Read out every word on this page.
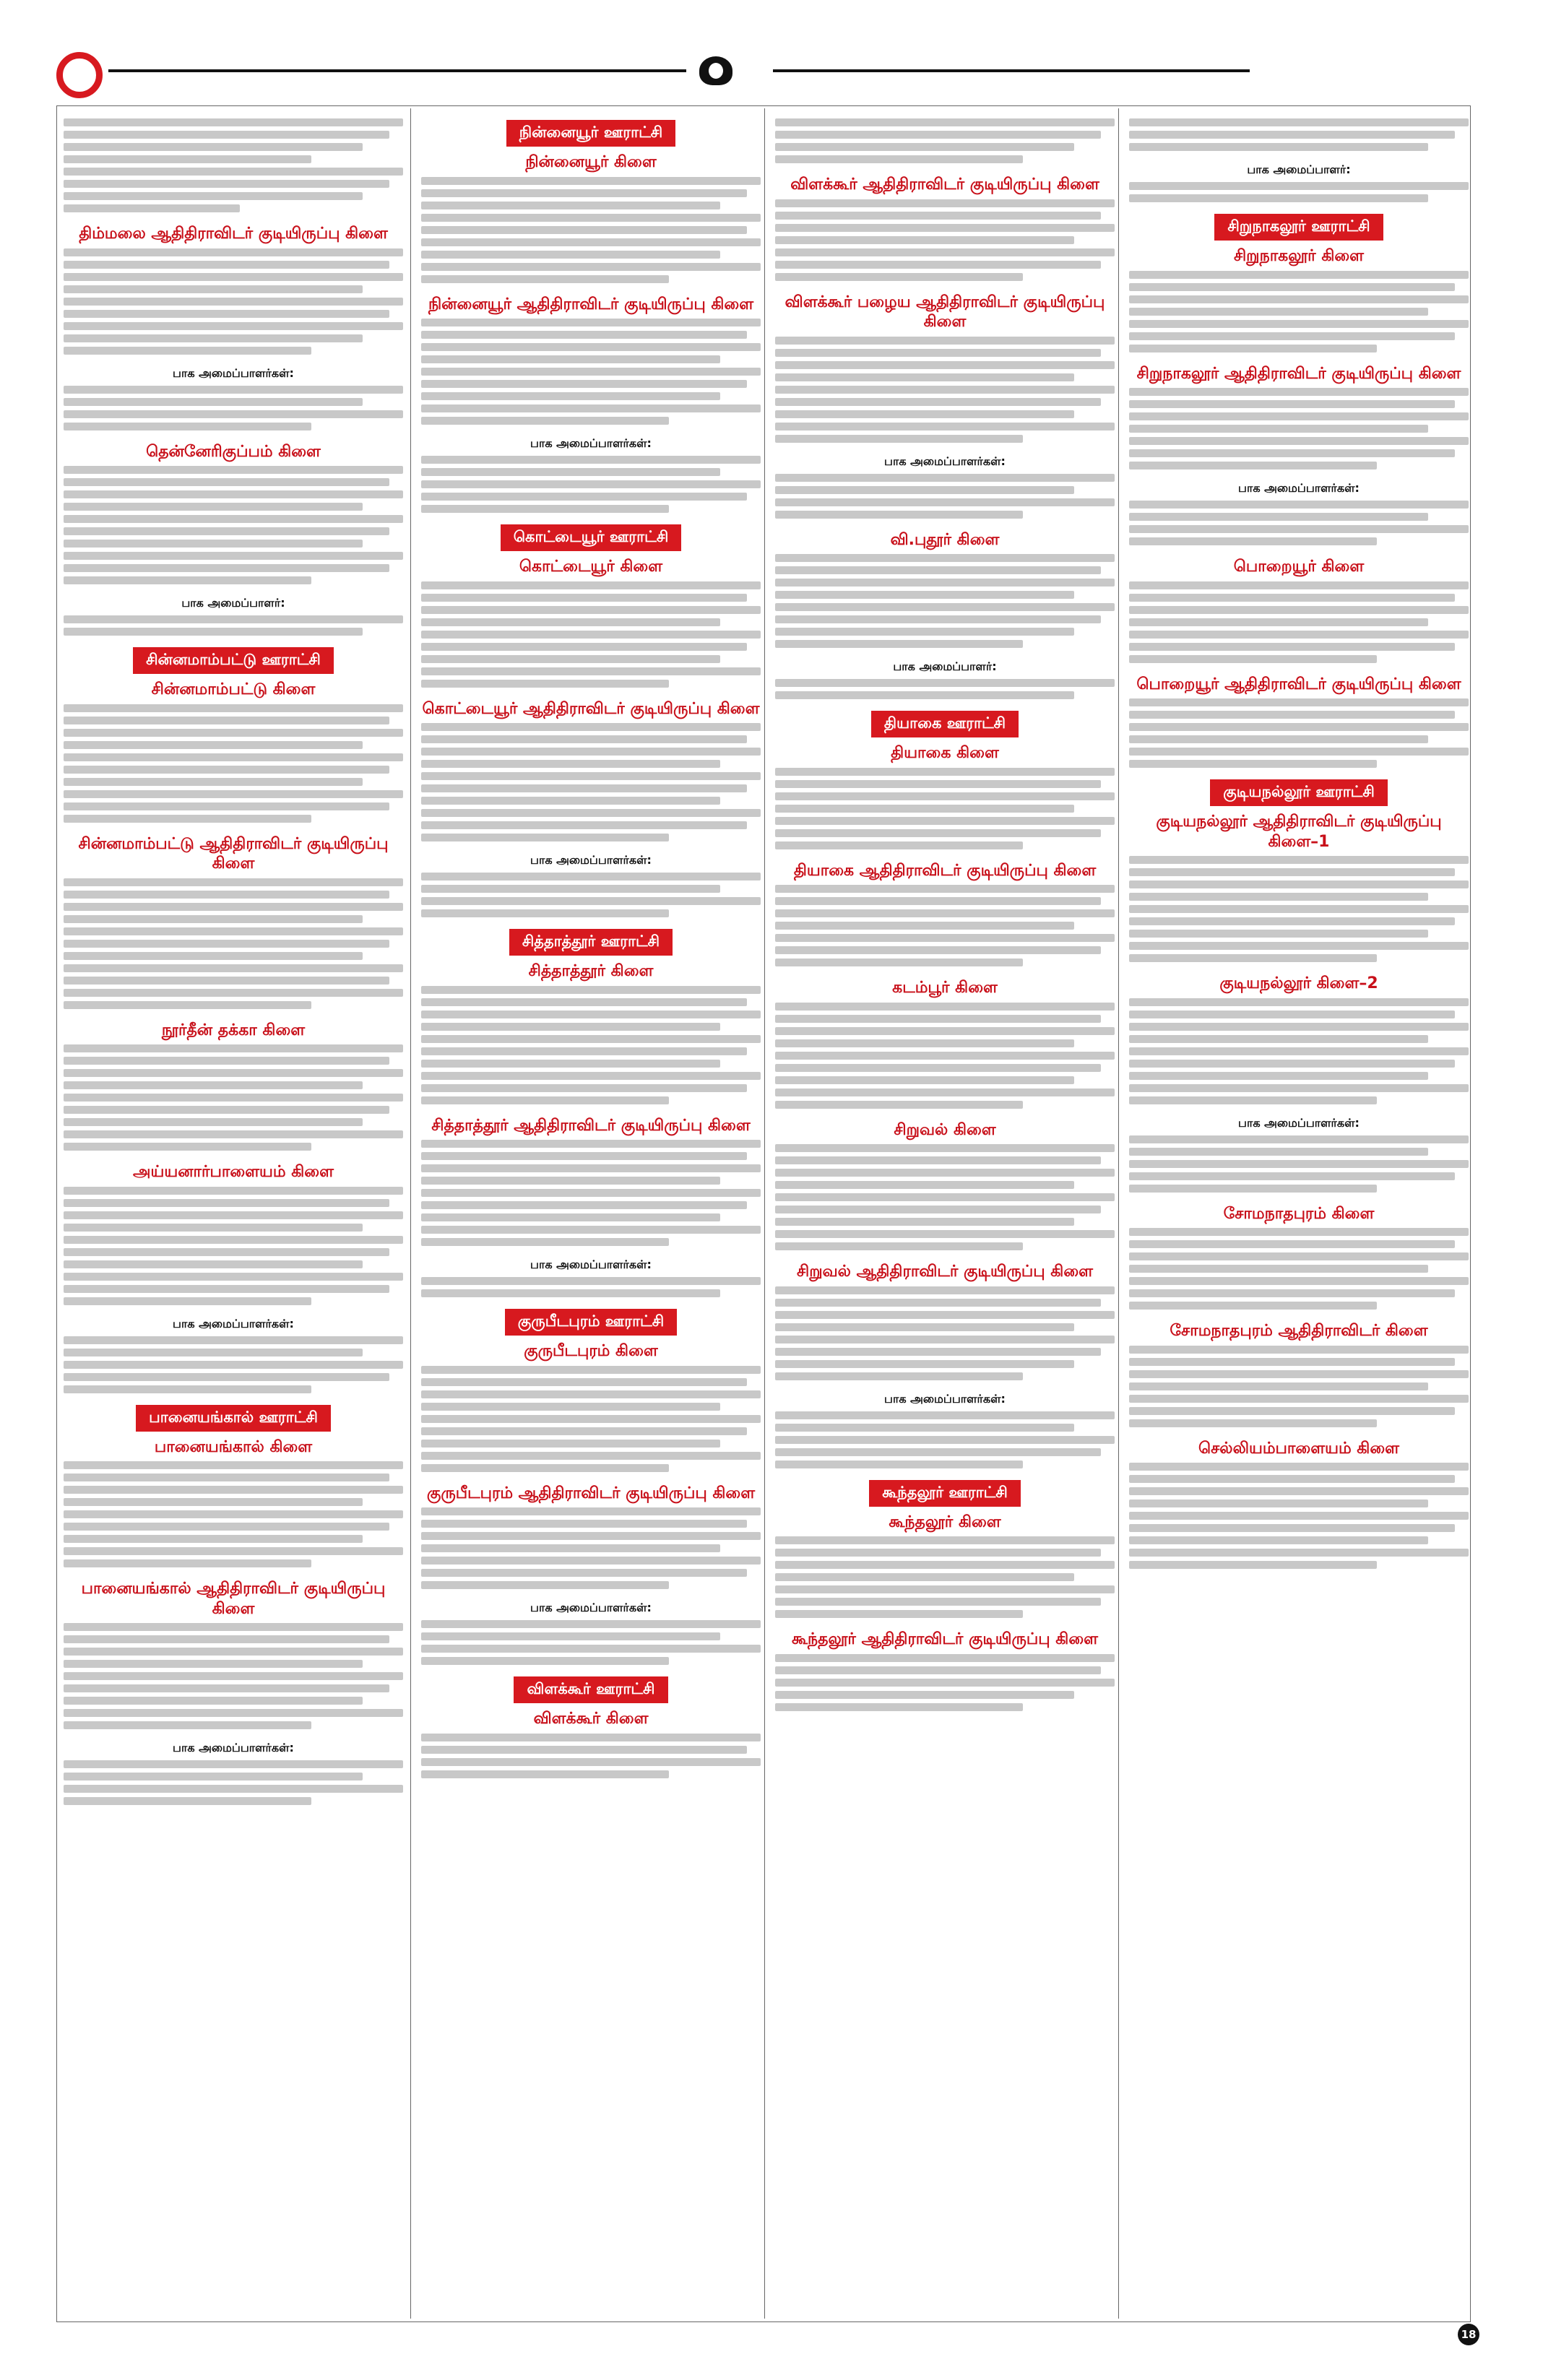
திம்மலை ஆதிதிராவிடர் குடியிருப்பு கிளை
பாக அமைப்பாளர்கள்:
தென்னேரிகுப்பம் கிளை
பாக அமைப்பாளர்:
சின்னமாம்பட்டு ஊராட்சி
சின்னமாம்பட்டு கிளை
சின்னமாம்பட்டு ஆதிதிராவிடர் குடியிருப்பு கிளை
நூர்தீன் தக்கா கிளை
அய்யனார்பாளையம் கிளை
பாக அமைப்பாளர்கள்:
பானையங்கால் ஊராட்சி
பானையங்கால் கிளை
பானையங்கால் ஆதிதிராவிடர் குடியிருப்பு கிளை
பாக அமைப்பாளர்கள்:
நின்னையூர் ஊராட்சி
நின்னையூர் கிளை
நின்னையூர் ஆதிதிராவிடர் குடியிருப்பு கிளை
பாக அமைப்பாளர்கள்:
கொட்டையூர் ஊராட்சி
கொட்டையூர் கிளை
கொட்டையூர் ஆதிதிராவிடர் குடியிருப்பு கிளை
பாக அமைப்பாளர்கள்:
சித்தாத்தூர் ஊராட்சி
சித்தாத்தூர் கிளை
சித்தாத்தூர் ஆதிதிராவிடர் குடியிருப்பு கிளை
பாக அமைப்பாளர்கள்:
குருபீடபுரம் ஊராட்சி
குருபீடபுரம் கிளை
குருபீடபுரம் ஆதிதிராவிடர் குடியிருப்பு கிளை
பாக அமைப்பாளர்கள்:
விளக்கூர் ஊராட்சி
விளக்கூர் கிளை
விளக்கூர் ஆதிதிராவிடர் குடியிருப்பு கிளை
விளக்கூர் பழைய ஆதிதிராவிடர் குடியிருப்பு கிளை
பாக அமைப்பாளர்கள்:
வி.புதூர் கிளை
பாக அமைப்பாளர்:
தியாகை ஊராட்சி
தியாகை கிளை
தியாகை ஆதிதிராவிடர் குடியிருப்பு கிளை
கடம்பூர் கிளை
சிறுவல் கிளை
சிறுவல் ஆதிதிராவிடர் குடியிருப்பு கிளை
பாக அமைப்பாளர்கள்:
கூந்தலூர் ஊராட்சி
கூந்தலூர் கிளை
கூந்தலூர் ஆதிதிராவிடர் குடியிருப்பு கிளை
பாக அமைப்பாளர்:
சிறுநாகலூர் ஊராட்சி
சிறுநாகலூர் கிளை
சிறுநாகலூர் ஆதிதிராவிடர் குடியிருப்பு கிளை
பாக அமைப்பாளர்கள்:
பொறையூர் கிளை
பொறையூர் ஆதிதிராவிடர் குடியிருப்பு கிளை
குடியநல்லூர் ஊராட்சி
குடியநல்லூர் ஆதிதிராவிடர் குடியிருப்பு கிளை–1
குடியநல்லூர் கிளை–2
பாக அமைப்பாளர்கள்:
சோமநாதபுரம் கிளை
சோமநாதபுரம் ஆதிதிராவிடர் கிளை
செல்லியம்பாளையம் கிளை
18
